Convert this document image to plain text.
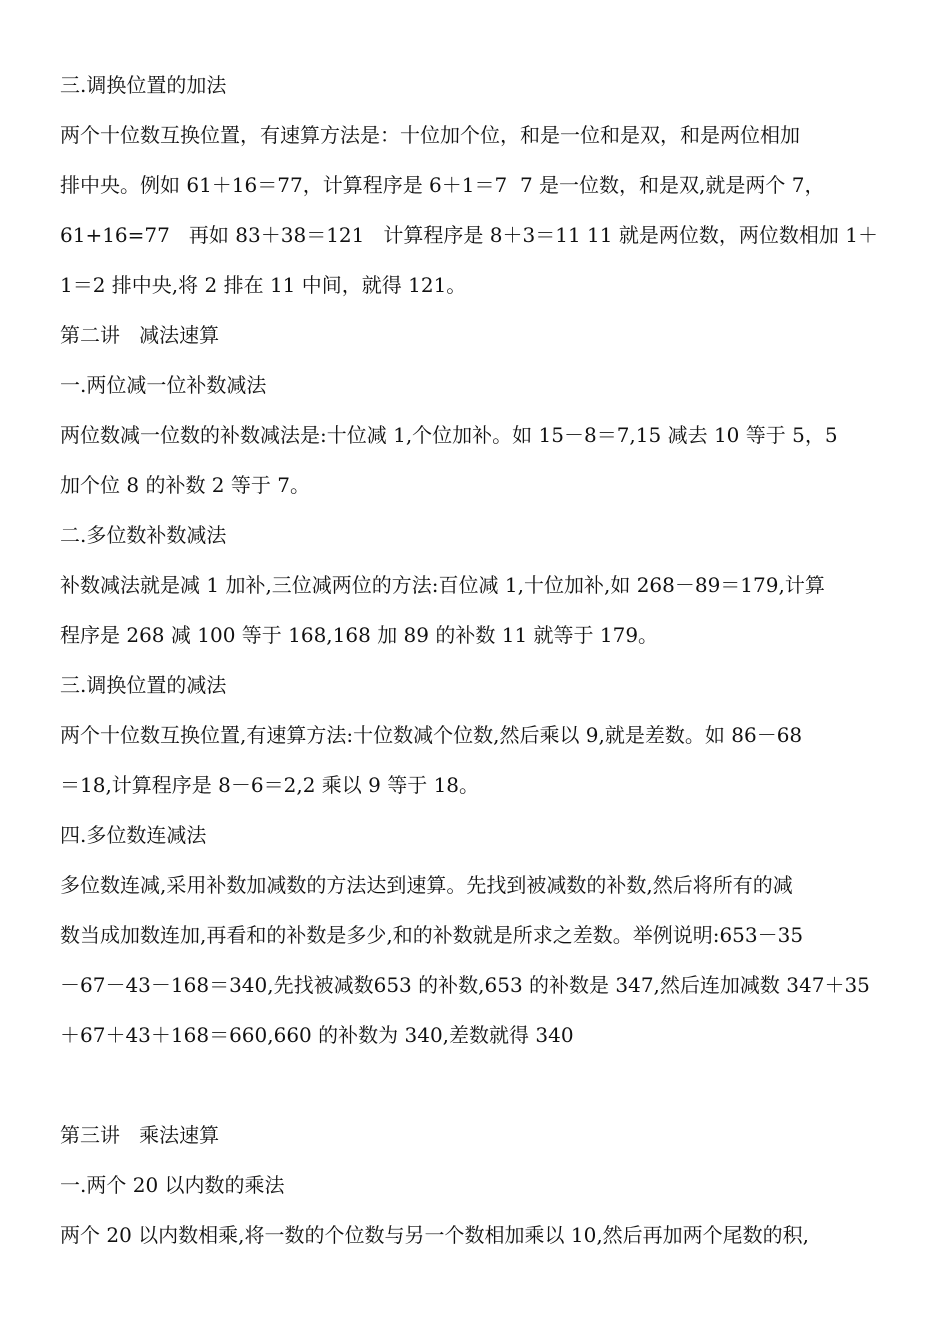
三.调换位置的加法
两个十位数互换位置，有速算方法是：十位加个位，和是一位和是双，和是两位相加
排中央。例如 61＋16＝77，计算程序是 6＋1＝7  7 是一位数，和是双,就是两个 7，
61+16=77   再如 83＋38＝121   计算程序是 8＋3＝11 11 就是两位数，两位数相加 1＋
1＝2 排中央,将 2 排在 11 中间，就得 121。
第二讲   减法速算
一.两位减一位补数减法
两位数减一位数的补数减法是:十位减 1,个位加补。如 15－8＝7,15 减去 10 等于 5，5
加个位 8 的补数 2 等于 7。
二.多位数补数减法
补数减法就是减 1 加补,三位减两位的方法:百位减 1,十位加补,如 268－89＝179,计算
程序是 268 减 100 等于 168,168 加 89 的补数 11 就等于 179。
三.调换位置的减法
两个十位数互换位置,有速算方法:十位数减个位数,然后乘以 9,就是差数。如 86－68
＝18,计算程序是 8－6＝2,2 乘以 9 等于 18。
四.多位数连减法
多位数连减,采用补数加减数的方法达到速算。先找到被减数的补数,然后将所有的减
数当成加数连加,再看和的补数是多少,和的补数就是所求之差数。举例说明:653－35
－67－43－168＝340,先找被减数653 的补数,653 的补数是 347,然后连加减数 347＋35
＋67＋43＋168＝660,660 的补数为 340,差数就得 340
第三讲   乘法速算
一.两个 20 以内数的乘法
两个 20 以内数相乘,将一数的个位数与另一个数相加乘以 10,然后再加两个尾数的积,
